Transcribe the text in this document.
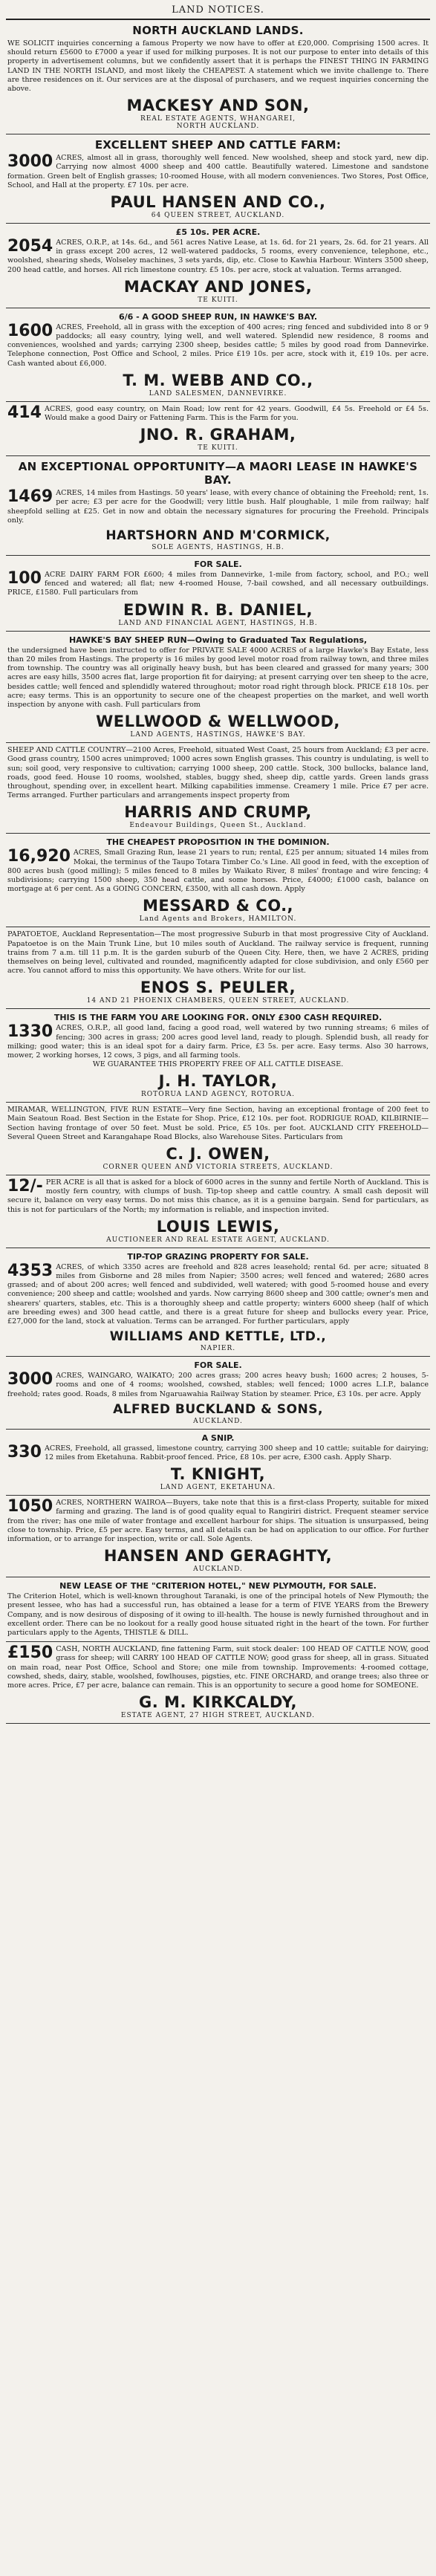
LAND NOTICES.
NORTH AUCKLAND LANDS.

WE SOLICIT inquiries concerning a famous Property we now have to offer at £20,000. Comprising 1500 acres. It should return £5600 to £7000 a year if used for milking purposes. It is not our purpose to enter into details of this property in advertisement columns, but we confidently assert that it is perhaps the FINEST THING IN FARMING LAND IN THE NORTH ISLAND, and most likely the CHEAPEST. A statement which we invite challenge to. There are three residences on it. Our services are at the disposal of purchasers, and we request inquiries concerning the above.

MACKESY AND SON,

REAL ESTATE AGENTS, WHANGAREI,

NORTH AUCKLAND.

EXCELLENT SHEEP AND CATTLE FARM:

3000 ACRES, almost all in grass, thoroughly well fenced. New woolshed, sheep and stock yard, new dip. Carrying now almost 4000 sheep and 400 cattle. Beautifully watered. Limestone and sandstone formation. Green belt of English grasses; 10-roomed House, with all modern conveniences. Two Stores, Post Office, School, and Hall at the property. £7 10s. per acre.

PAUL HANSEN AND CO.,

64 QUEEN STREET, AUCKLAND.

£5 10s. PER ACRE.

2054 ACRES, O.R.P., at 14s. 6d., and 561 acres Native Lease, at 1s. 6d. for 21 years, 2s. 6d. for 21 years. All in grass except 200 acres, 12 well-watered paddocks, 5 rooms, every convenience, telephone, etc., woolshed, shearing sheds, Wolseley machines, 3 sets yards, dip, etc. Close to Kawhia Harbour. Winters 3500 sheep, 200 head cattle, and horses. All rich limestone country. £5 10s. per acre, stock at valuation. Terms arranged.

MACKAY AND JONES,

TE KUITI.

6/6 - A GOOD SHEEP RUN, IN HAWKE'S BAY.

1600 ACRES, Freehold, all in grass with the exception of 400 acres; ring fenced and subdivided into 8 or 9 paddocks; all easy country, lying well, and well watered. Splendid new residence, 8 rooms and conveniences, woolshed and yards; carrying 2300 sheep, besides cattle; 5 miles by good road from Dannevirke. Telephone connection, Post Office and School, 2 miles. Price £19 10s. per acre, stock with it, £19 10s. per acre. Cash wanted about £6,000.

T. M. WEBB AND CO.,

LAND SALESMEN, DANNEVIRKE.

414 ACRES, good easy country, on Main Road; low rent for 42 years. Goodwill, £4 5s. Freehold or £4 5s. Would make a good Dairy or Fattening Farm. This is the Farm for you.

JNO. R. GRAHAM,

TE KUITI.

AN EXCEPTIONAL OPPORTUNITY—A MAORI LEASE IN HAWKE'S BAY.

1469 ACRES, 14 miles from Hastings. 50 years' lease, with every chance of obtaining the Freehold; rent, 1s. per acre; £3 per acre for the Goodwill; very little bush. Half ploughable, 1 mile from railway; half sheepfold selling at £25. Get in now and obtain the necessary signatures for procuring the Freehold. Principals only.

HARTSHORN AND M'CORMICK,

SOLE AGENTS, HASTINGS, H.B.

FOR SALE.

100 ACRE DAIRY FARM FOR £600; 4 miles from Dannevirke, 1-mile from factory, school, and P.O.; well fenced and watered; all flat; new 4-roomed House, 7-bail cowshed, and all necessary outbuildings. PRICE, £1580. Full particulars from

EDWIN R. B. DANIEL,

LAND AND FINANCIAL AGENT, HASTINGS, H.B.

HAWKE'S BAY SHEEP RUN—Owing to Graduated Tax Regulations,

the undersigned have been instructed to offer for PRIVATE SALE 4000 ACRES of a large Hawke's Bay Estate, less than 20 miles from Hastings. The property is 16 miles by good level motor road from railway town, and three miles from township. The country was all originally heavy bush, but has been cleared and grassed for many years; 300 acres are easy hills, 3500 acres flat, large proportion fit for dairying; at present carrying over ten sheep to the acre, besides cattle; well fenced and splendidly watered throughout; motor road right through block. PRICE £18 10s. per acre; easy terms. This is an opportunity to secure one of the cheapest properties on the market, and well worth inspection by anyone with cash. Full particulars from

WELLWOOD & WELLWOOD,

LAND AGENTS, HASTINGS, HAWKE'S BAY.

SHEEP AND CATTLE COUNTRY—2100 Acres, Freehold, situated West Coast, 25 hours from Auckland; £3 per acre. Good grass country, 1500 acres unimproved; 1000 acres sown English grasses. This country is undulating, is well to sun; soil good, very responsive to cultivation; carrying 1000 sheep, 200 cattle. Stock, 300 bullocks, balance land, roads, good feed. House 10 rooms, woolshed, stables, buggy shed, sheep dip, cattle yards. Green lands grass throughout, spending over, in excellent heart. Milking capabilities immense. Creamery 1 mile. Price £7 per acre. Terms arranged. Further particulars and arrangements inspect property from

HARRIS AND CRUMP,

Endeavour Buildings, Queen St., Auckland.

THE CHEAPEST PROPOSITION IN THE DOMINION.

16,920 ACRES, Small Grazing Run, lease 21 years to run; rental, £25 per annum; situated 14 miles from Mokai, the terminus of the Taupo Totara Timber Co.'s Line. All good in feed, with the exception of 800 acres bush (good milling); 5 miles fenced to 8 miles by Waikato River, 8 miles' frontage and wire fencing; 4 subdivisions; carrying 1500 sheep, 350 head cattle, and some horses. Price, £4000; £1000 cash, balance on mortgage at 6 per cent. As a GOING CONCERN, £3500, with all cash down. Apply

MESSARD & CO.,

Land Agents and Brokers, HAMILTON.

PAPATOETOE, Auckland Representation—The most progressive Suburb in that most progressive City of Auckland. Papatoetoe is on the Main Trunk Line, but 10 miles south of Auckland. The railway service is frequent, running trains from 7 a.m. till 11 p.m. It is the garden suburb of the Queen City. Here, then, we have 2 ACRES, priding themselves on being level, cultivated and rounded, magnificently adapted for close subdivision, and only £560 per acre. You cannot afford to miss this opportunity. We have others. Write for our list.

ENOS S. PEULER,

14 AND 21 PHOENIX CHAMBERS, QUEEN STREET, AUCKLAND.

THIS IS THE FARM YOU ARE LOOKING FOR. ONLY £300 CASH REQUIRED.

1330 ACRES, O.R.P., all good land, facing a good road, well watered by two running streams; 6 miles of fencing; 300 acres in grass; 200 acres good level land, ready to plough. Splendid bush, all ready for milking; good water; this is an ideal spot for a dairy farm. Price, £3 5s. per acre. Easy terms. Also 30 harrows, mower, 2 working horses, 12 cows, 3 pigs, and all farming tools.

WE GUARANTEE THIS PROPERTY FREE OF ALL CATTLE DISEASE.

J. H. TAYLOR,

ROTORUA LAND AGENCY, ROTORUA.

MIRAMAR, WELLINGTON, FIVE RUN ESTATE—Very fine Section, having an exceptional frontage of 200 feet to Main Seatoun Road. Best Section in the Estate for Shop. Price, £12 10s. per foot. RODRIGUE ROAD, KILBIRNIE—Section having frontage of over 50 feet. Must be sold. Price, £5 10s. per foot. AUCKLAND CITY FREEHOLD—Several Queen Street and Karangahape Road Blocks, also Warehouse Sites. Particulars from

C. J. OWEN,

CORNER QUEEN AND VICTORIA STREETS, AUCKLAND.

12/- PER ACRE is all that is asked for a block of 6000 acres in the sunny and fertile North of Auckland. This is mostly fern country, with clumps of bush. Tip-top sheep and cattle country. A small cash deposit will secure it, balance on very easy terms. Do not miss this chance, as it is a genuine bargain. Send for particulars, as this is not for particulars of the North; my information is reliable, and inspection invited.

LOUIS LEWIS,

AUCTIONEER AND REAL ESTATE AGENT, AUCKLAND.

TIP-TOP GRAZING PROPERTY FOR SALE.

4353 ACRES, of which 3350 acres are freehold and 828 acres leasehold; rental 6d. per acre; situated 8 miles from Gisborne and 28 miles from Napier; 3500 acres; well fenced and watered; 2680 acres grassed; and of about 200 acres; well fenced and subdivided, well watered; with good 5-roomed house and every convenience; 200 sheep and cattle; woolshed and yards. Now carrying 8600 sheep and 300 cattle; owner's men and shearers' quarters, stables, etc. This is a thoroughly sheep and cattle property; winters 6000 sheep (half of which are breeding ewes) and 300 head cattle, and there is a great future for sheep and bullocks every year. Price, £27,000 for the land, stock at valuation. Terms can be arranged. For further particulars, apply

WILLIAMS AND KETTLE, LTD.,

NAPIER.

FOR SALE.

3000 ACRES, WAINGARO, WAIKATO; 200 acres grass; 200 acres heavy bush; 1600 acres; 2 houses, 5-rooms and one of 4 rooms; woolshed, cowshed, stables; well fenced; 1000 acres L.I.P., balance freehold; rates good. Roads, 8 miles from Ngaruawahia Railway Station by steamer. Price, £3 10s. per acre. Apply

ALFRED BUCKLAND & SONS,

AUCKLAND.

A SNIP.

330 ACRES, Freehold, all grassed, limestone country, carrying 300 sheep and 10 cattle; suitable for dairying; 12 miles from Eketahuna. Rabbit-proof fenced. Price, £8 10s. per acre, £300 cash. Apply Sharp.

T. KNIGHT,

LAND AGENT, EKETAHUNA.

1050 ACRES, NORTHERN WAIROA—Buyers, take note that this is a first-class Property, suitable for mixed farming and grazing. The land is of good quality equal to Rangiriri district. Frequent steamer service from the river; has one mile of water frontage and excellent harbour for ships. The situation is unsurpassed, being close to township. Price, £5 per acre. Easy terms, and all details can be had on application to our office. For further information, or to arrange for inspection, write or call. Sole Agents.

HANSEN AND GERAGHTY,

AUCKLAND.

NEW LEASE OF THE "CRITERION HOTEL," NEW PLYMOUTH, FOR SALE.

The Criterion Hotel, which is well-known throughout Taranaki, is one of the principal hotels of New Plymouth; the present lessee, who has had a successful run, has obtained a lease for a term of FIVE YEARS from the Brewery Company, and is now desirous of disposing of it owing to ill-health. The house is newly furnished throughout and in excellent order. There can be no lookout for a really good house situated right in the heart of the town. For further particulars apply to the Agents, THISTLE & DILL.

£150 CASH, NORTH AUCKLAND, fine fattening Farm, suit stock dealer: 100 HEAD OF CATTLE NOW, good grass for sheep; will CARRY 100 HEAD OF CATTLE NOW; good grass for sheep, all in grass. Situated on main road, near Post Office, School and Store; one mile from township. Improvements: 4-roomed cottage, cowshed, sheds, dairy, stable, woolshed, fowlhouses, pigsties, etc. FINE ORCHARD, and orange trees; also three or more acres. Price, £7 per acre, balance can remain. This is an opportunity to secure a good home for SOMEONE.

G. M. KIRKCALDY,

ESTATE AGENT, 27 HIGH STREET, AUCKLAND.
